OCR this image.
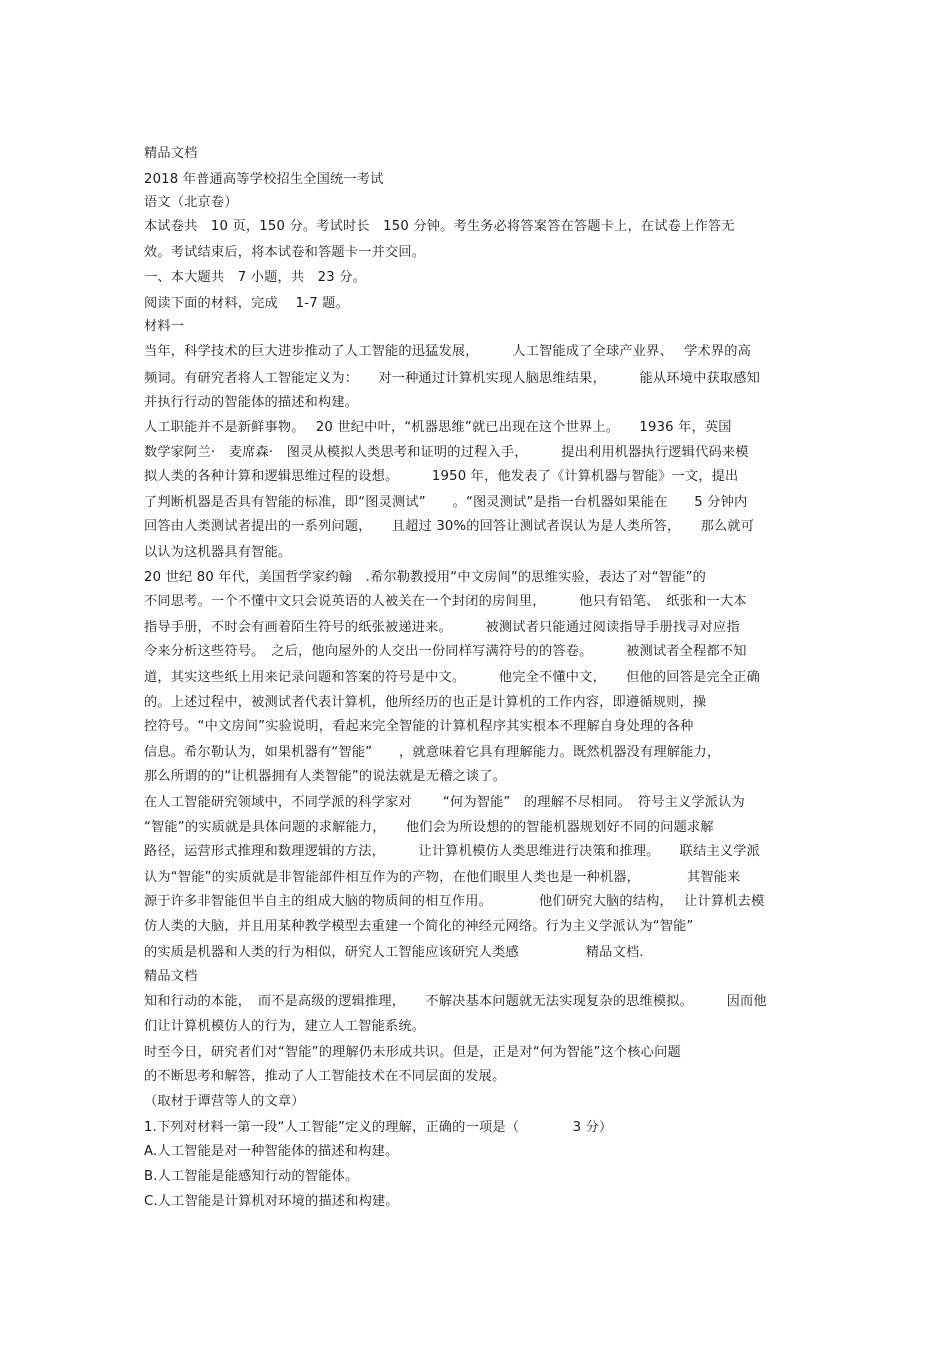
精品文档
2018 年普通高等学校招生全国统一考试
语文（北京卷）
本试卷共　10 页，150 分。考试时长　150 分钟。考生务必将答案答在答题卡上，在试卷上作答无
效。考试结束后，将本试卷和答题卡一并交回。
一、本大题共　7 小题，共　23 分。
阅读下面的材料，完成　 1-7 题。
材料一
当年，科学技术的巨大进步推动了人工智能的迅猛发展，　　　人工智能成了全球产业界、　 学术界的高
频词。有研究者将人工智能定义为：　　对一种通过计算机实现人脑思维结果，　　　能从环境中获取感知
并执行行动的智能体的描述和构建。
人工职能并不是新鲜事物。　 20 世纪中叶，“机器思维”就已出现在这个世界上。　　1936 年，英国
数学家阿兰·　麦席森·　图灵从模拟人类思考和证明的过程入手，　　　提出利用机器执行逻辑代码来模
拟人类的各种计算和逻辑思维过程的设想。　　　1950 年，他发表了《计算机器与智能》一文，提出
了判断机器是否具有智能的标准，即“图灵测试”　　。“图灵测试”是指一台机器如果能在　　5 分钟内
回答由人类测试者提出的一系列问题，　　且超过 30%的回答让测试者误认为是人类所答，　　那么就可
以认为这机器具有智能。
20 世纪 80 年代，美国哲学家约翰　.希尔勒教授用“中文房间”的思维实验，表达了对“智能”的
不同思考。一个不懂中文只会说英语的人被关在一个封闭的房间里，　　　他只有铅笔、　纸张和一大本
指导手册，不时会有画着陌生符号的纸张被递进来。　　　被测试者只能通过阅读指导手册找寻对应指
令来分析这些符号。　之后，他向屋外的人交出一份同样写满符号的的答卷。　　　被测试者全程都不知
道，其实这些纸上用来记录问题和答案的符号是中文。　　　他完全不懂中文，　　但他的回答是完全正确
的。上述过程中，被测试者代表计算机，他所经历的也正是计算机的工作内容，即遵循规则，操
控符号。“中文房间”实验说明，看起来完全智能的计算机程序其实根本不理解自身处理的各种
信息。希尔勒认为，如果机器有“智能”　　，就意味着它具有理解能力。既然机器没有理解能力，
那么所谓的的“让机器拥有人类智能”的说法就是无稽之谈了。
在人工智能研究领域中，不同学派的科学家对　　 “何为智能”　的理解不尽相同。　符号主义学派认为
“智能”的实质就是具体问题的求解能力，　　他们会为所设想的的智能机器规划好不同的问题求解
路径，运营形式推理和数理逻辑的方法，　　　让计算机模仿人类思维进行决策和推理。　　联结主义学派
认为“智能”的实质就是非智能部件相互作为的产物，在他们眼里人类也是一种机器，　　　　其智能来
源于许多非智能但半自主的组成大脑的物质间的相互作用。　　　　他们研究大脑的结构，　 让计算机去模
仿人类的大脑，并且用某种教学模型去重建一个简化的神经元网络。行为主义学派认为“智能”
的实质是机器和人类的行为相似，研究人工智能应该研究人类感　　　　　精品文档.
精品文档
知和行动的本能，　而不是高级的逻辑推理，　　不解决基本问题就无法实现复杂的思维模拟。　　　因而他
们让计算机模仿人的行为，建立人工智能系统。
时至今日，研究者们对“智能”的理解仍未形成共识。但是，正是对“何为智能”这个核心问题
的不断思考和解答，推动了人工智能技术在不同层面的发展。
（取材于谭营等人的文章）
1.下列对材料一第一段“人工智能”定义的理解，正确的一项是（　　　　3 分）
A.人工智能是对一种智能体的描述和构建。
B.人工智能是能感知行动的智能体。
C.人工智能是计算机对环境的描述和构建。
